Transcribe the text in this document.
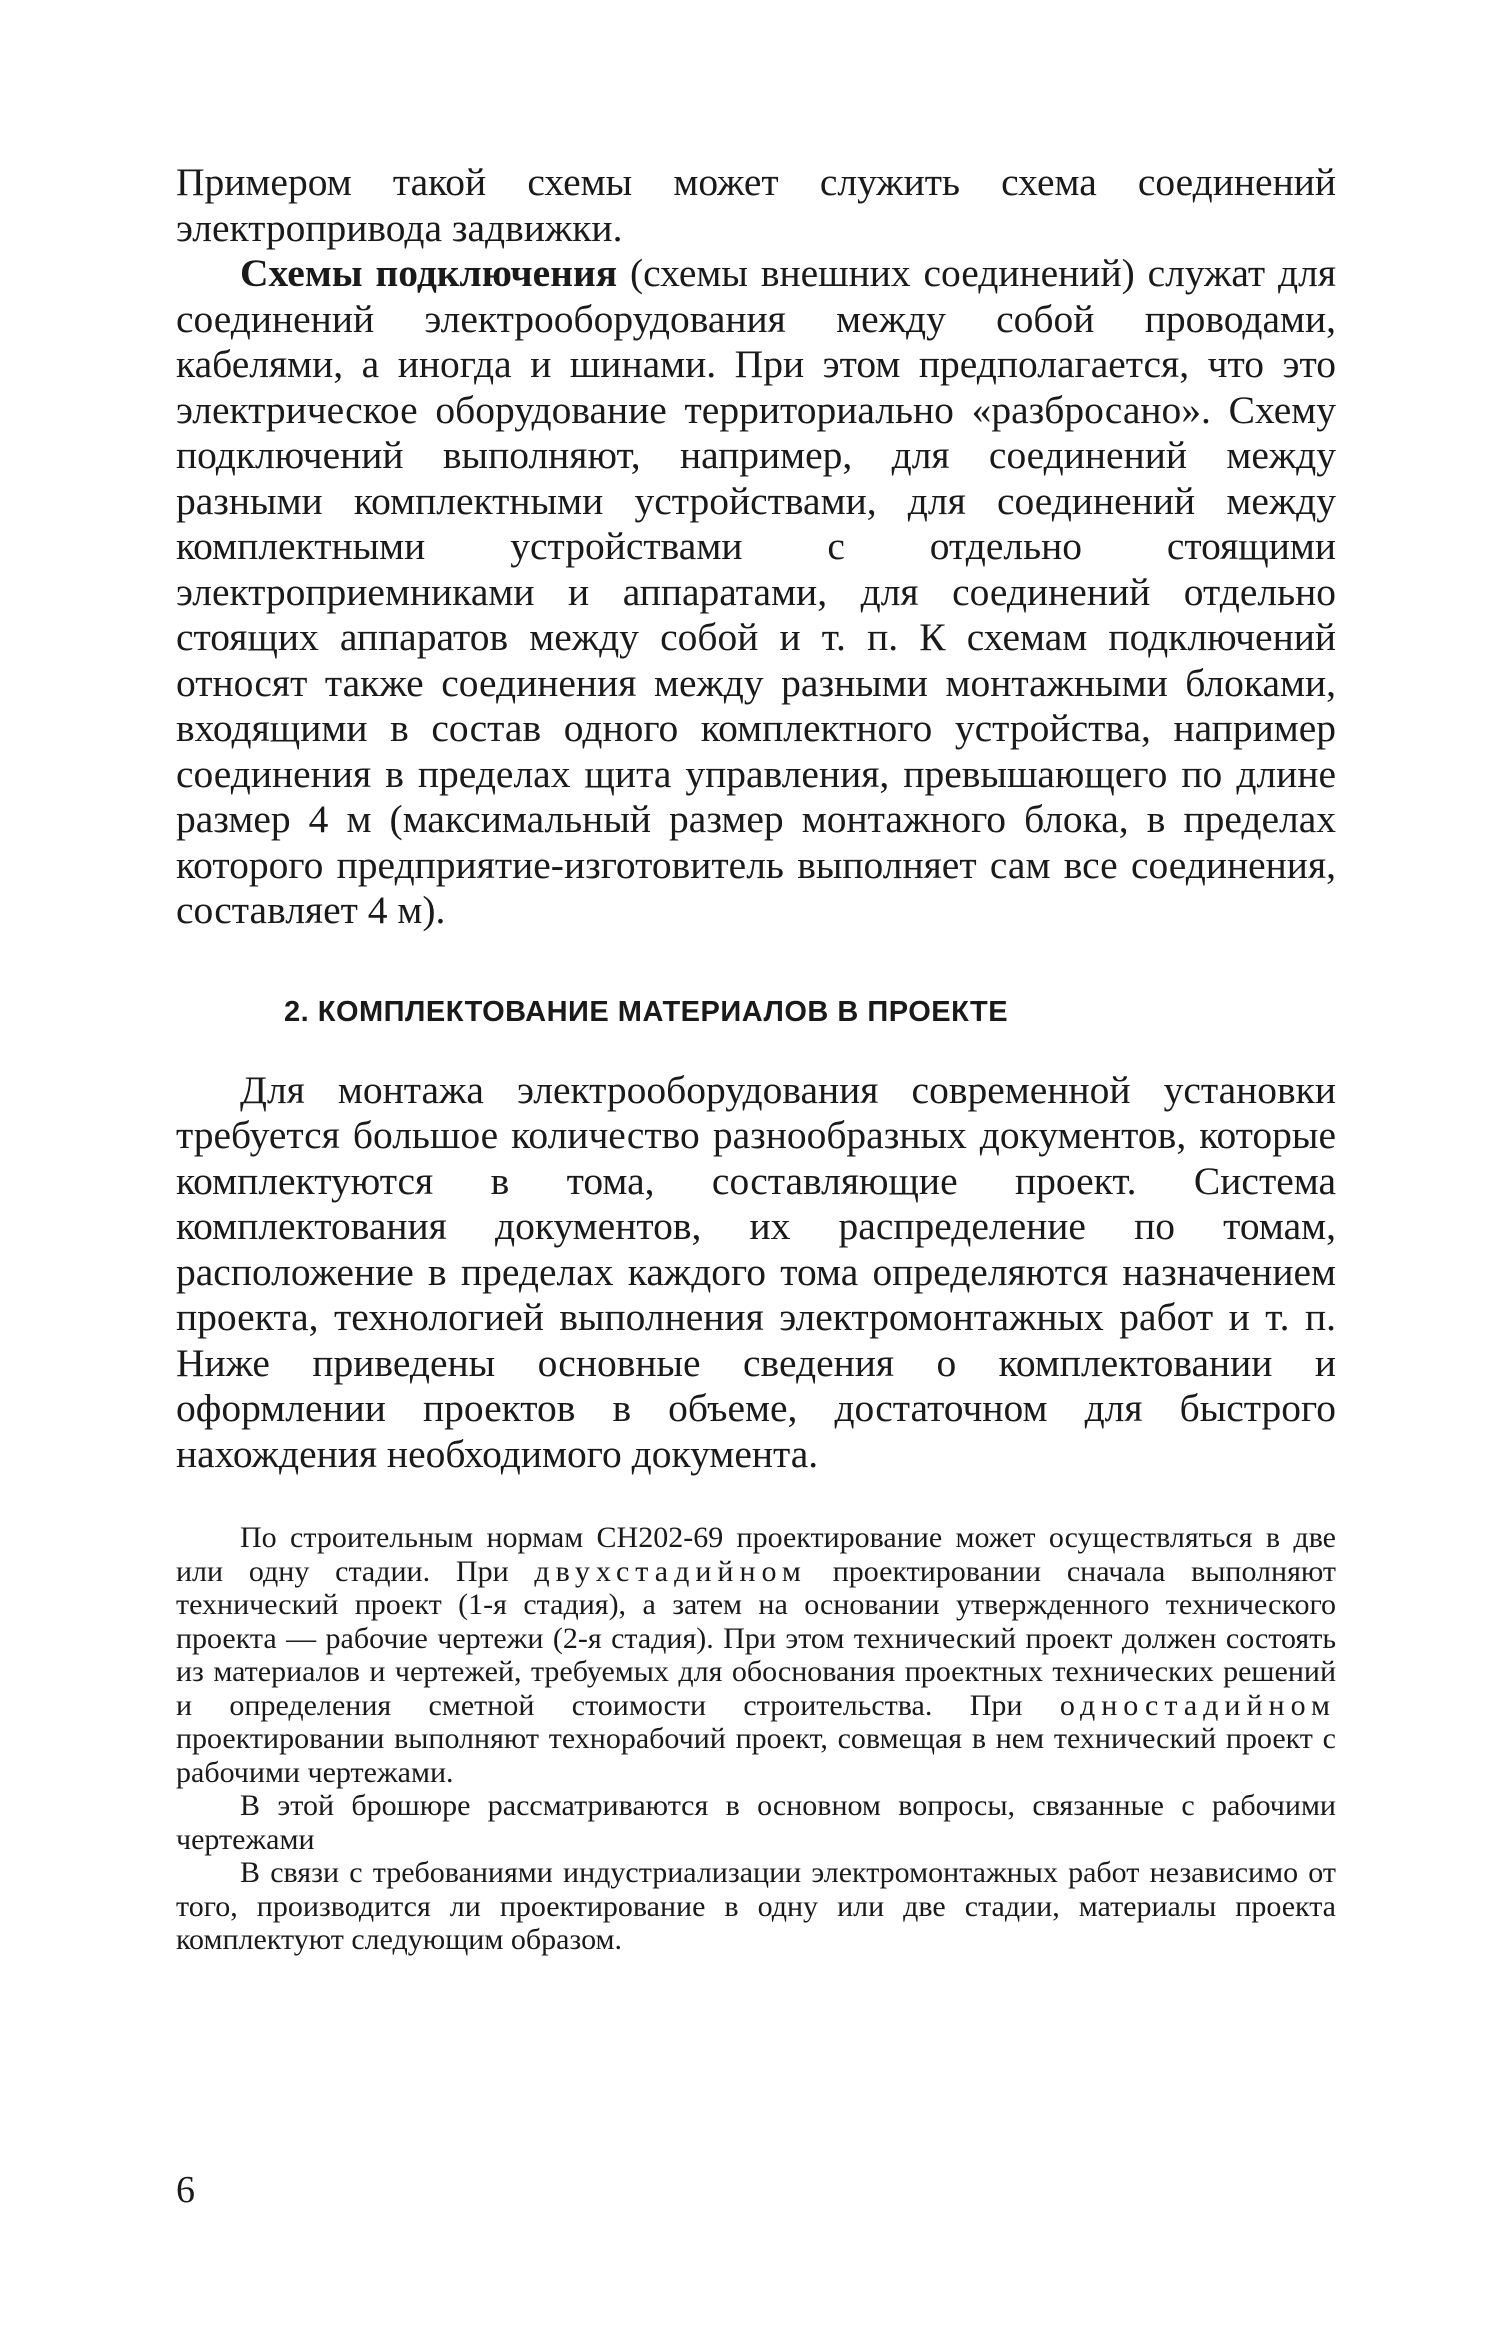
Примером такой схемы может служить схема соединений электропривода задвижки.

Схемы подключения (схемы внешних соединений) служат для соединений электрооборудования между собой проводами, кабелями, а иногда и шинами. При этом предполагается, что это электрическое оборудование территориально «разбросано». Схему подключений выполняют, например, для соединений между разными комплектными устройствами, для соединений между комплектными устройствами с отдельно стоящими электроприемниками и аппаратами, для соединений отдельно стоящих аппаратов между собой и т. п. К схемам подключений относят также соединения между разными монтажными блоками, входящими в состав одного комплектного устройства, например соединения в пределах щита управления, превышающего по длине размер 4 м (максимальный размер монтажного блока, в пределах которого предприятие-изготовитель выполняет сам все соединения, составляет 4 м).

2. КОМПЛЕКТОВАНИЕ МАТЕРИАЛОВ В ПРОЕКТЕ

Для монтажа электрооборудования современной установки требуется большое количество разнообразных документов, которые комплектуются в тома, составляющие проект. Система комплектования документов, их распределение по томам, расположение в пределах каждого тома определяются назначением проекта, технологией выполнения электромонтажных работ и т. п. Ниже приведены основные сведения о комплектовании и оформлении проектов в объеме, достаточном для быстрого нахождения необходимого документа.

По строительным нормам СН202-69 проектирование может осуществляться в две или одну стадии. При двухстадийном проектировании сначала выполняют технический проект (1-я стадия), а затем на основании утвержденного технического проекта — рабочие чертежи (2-я стадия). При этом технический проект должен состоять из материалов и чертежей, требуемых для обоснования проектных технических решений и определения сметной стоимости строительства. При одностадийном проектировании выполняют технорабочий проект, совмещая в нем технический проект с рабочими чертежами.

В этой брошюре рассматриваются в основном вопросы, связанные с рабочими чертежами

В связи с требованиями индустриализации электромонтажных работ независимо от того, производится ли проектирование в одну или две стадии, материалы проекта комплектуют следующим образом.

6
